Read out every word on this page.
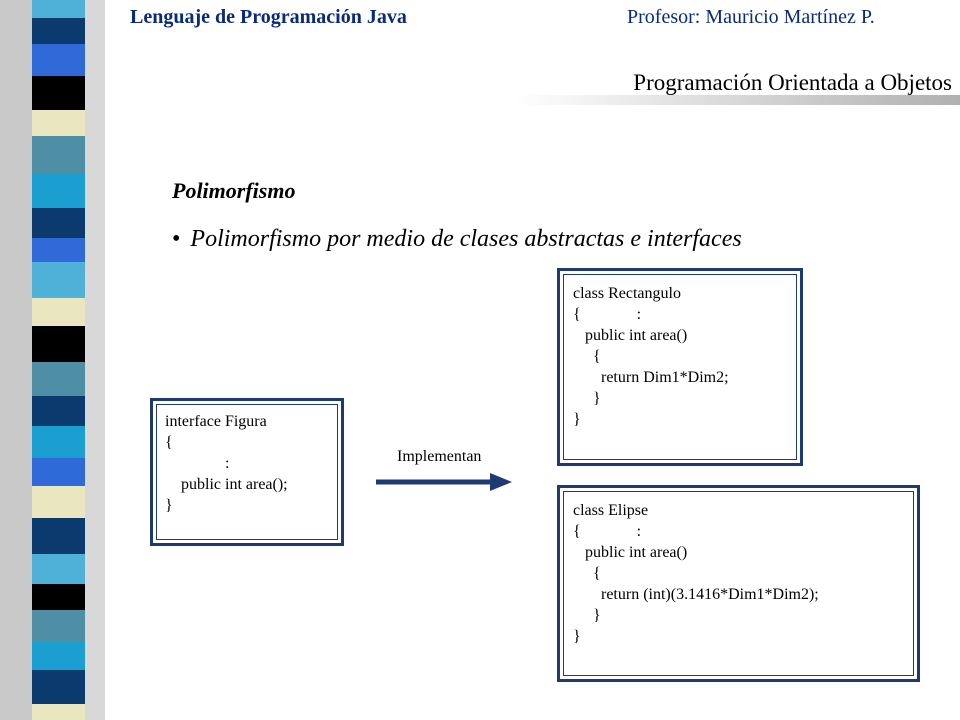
Lenguaje de Programación Java	Profesor: Mauricio Martínez P.
Programación Orientada a Objetos
Polimorfismo
• Polimorfismo por medio de clases abstractas e interfaces
interface Figura
{
:
public int area();
}
class Rectangulo
{              :
public int area()
{
return Dim1*Dim2;
}
}
class Elipse
{              :
public int area()
{
return (int)(3.1416*Dim1*Dim2);
}
}
Implementan
